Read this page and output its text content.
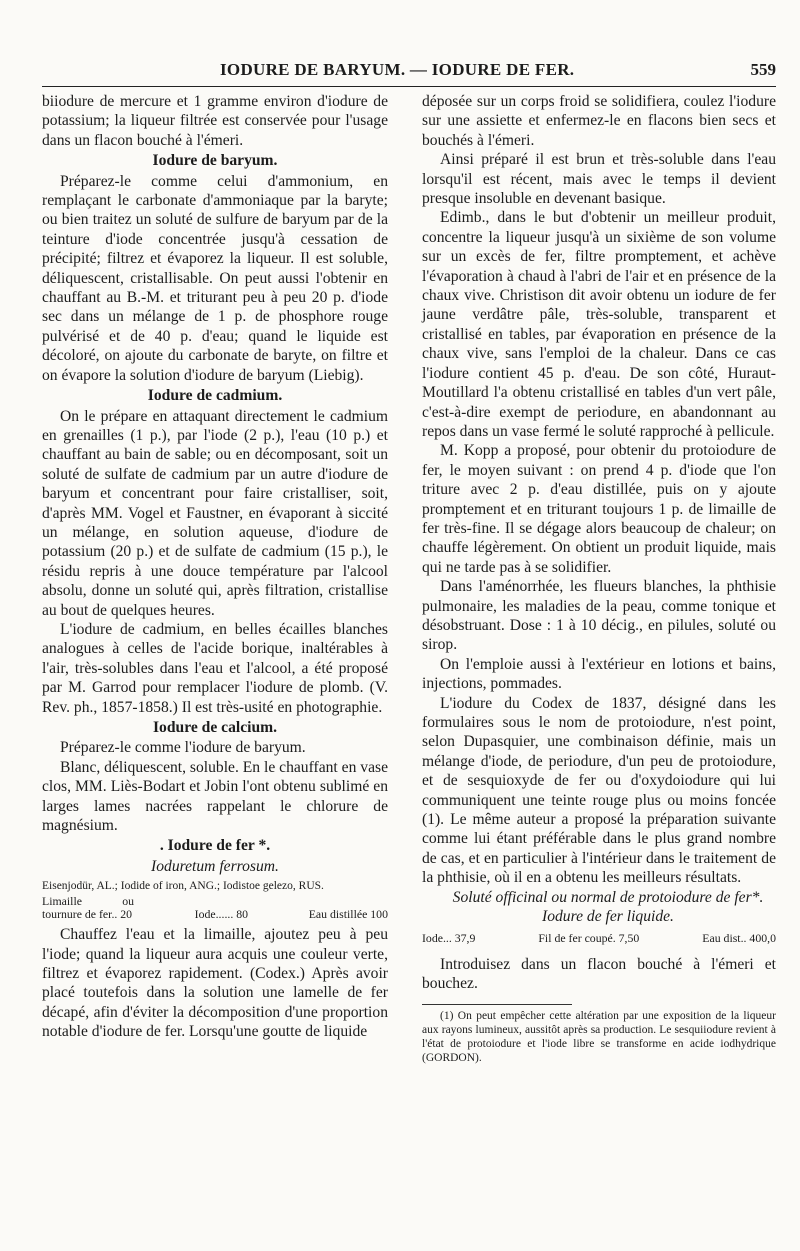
IODURE DE BARYUM. — IODURE DE FER.	559

biiodure de mercure et 1 gramme environ d'iodure de potassium; la liqueur filtrée est conservée pour l'usage dans un flacon bouché à l'émeri.

Iodure de baryum.

Préparez-le comme celui d'ammonium, en remplaçant le carbonate d'ammoniaque par la baryte; ou bien traitez un soluté de sulfure de baryum par de la teinture d'iode concentrée jusqu'à cessation de précipité; filtrez et évaporez la liqueur. Il est soluble, déliquescent, cristallisable. On peut aussi l'obtenir en chauffant au B.-M. et triturant peu à peu 20 p. d'iode sec dans un mélange de 1 p. de phosphore rouge pulvérisé et de 40 p. d'eau; quand le liquide est décoloré, on ajoute du carbonate de baryte, on filtre et on évapore la solution d'iodure de baryum (Liebig).

Iodure de cadmium.

On le prépare en attaquant directement le cadmium en grenailles (1 p.), par l'iode (2 p.), l'eau (10 p.) et chauffant au bain de sable; ou en décomposant, soit un soluté de sulfate de cadmium par un autre d'iodure de baryum et concentrant pour faire cristalliser, soit, d'après MM. Vogel et Faustner, en évaporant à siccité un mélange, en solution aqueuse, d'iodure de potassium (20 p.) et de sulfate de cadmium (15 p.), le résidu repris à une douce température par l'alcool absolu, donne un soluté qui, après filtration, cristallise au bout de quelques heures.

L'iodure de cadmium, en belles écailles blanches analogues à celles de l'acide borique, inaltérables à l'air, très-solubles dans l'eau et l'alcool, a été proposé par M. Garrod pour remplacer l'iodure de plomb. (V. Rev. ph., 1857-1858.) Il est très-usité en photographie.

Iodure de calcium.

Préparez-le comme l'iodure de baryum.

Blanc, déliquescent, soluble. En le chauffant en vase clos, MM. Liès-Bodart et Jobin l'ont obtenu sublimé en larges lames nacrées rappelant le chlorure de magnésium.

. Iodure de fer *.
Ioduretum ferrosum.

Eisenjodür, AL.; Iodide of iron, ANG.; Iodistoe gelezo, RUS.

Limaille ou tournure de fer.. 20	Iode...... 80	Eau distillée 100

Chauffez l'eau et la limaille, ajoutez peu à peu l'iode; quand la liqueur aura acquis une couleur verte, filtrez et évaporez rapidement. (Codex.) Après avoir placé toutefois dans la solution une lamelle de fer décapé, afin d'éviter la décomposition d'une proportion notable d'iodure de fer. Lorsqu'une goutte de liquide

déposée sur un corps froid se solidifiera, coulez l'iodure sur une assiette et enfermez-le en flacons bien secs et bouchés à l'émeri.

Ainsi préparé il est brun et très-soluble dans l'eau lorsqu'il est récent, mais avec le temps il devient presque insoluble en devenant basique.

Edimb., dans le but d'obtenir un meilleur produit, concentre la liqueur jusqu'à un sixième de son volume sur un excès de fer, filtre promptement, et achève l'évaporation à chaud à l'abri de l'air et en présence de la chaux vive. Christison dit avoir obtenu un iodure de fer jaune verdâtre pâle, très-soluble, transparent et cristallisé en tables, par évaporation en présence de la chaux vive, sans l'emploi de la chaleur. Dans ce cas l'iodure contient 45 p. d'eau. De son côté, Huraut-Moutillard l'a obtenu cristallisé en tables d'un vert pâle, c'est-à-dire exempt de periodure, en abandonnant au repos dans un vase fermé le soluté rapproché à pellicule.

M. Kopp a proposé, pour obtenir du protoiodure de fer, le moyen suivant : on prend 4 p. d'iode que l'on triture avec 2 p. d'eau distillée, puis on y ajoute promptement et en triturant toujours 1 p. de limaille de fer très-fine. Il se dégage alors beaucoup de chaleur; on chauffe légèrement. On obtient un produit liquide, mais qui ne tarde pas à se solidifier.

Dans l'aménorrhée, les flueurs blanches, la phthisie pulmonaire, les maladies de la peau, comme tonique et désobstruant. Dose : 1 à 10 décig., en pilules, soluté ou sirop.

On l'emploie aussi à l'extérieur en lotions et bains, injections, pommades.

L'iodure du Codex de 1837, désigné dans les formulaires sous le nom de protoiodure, n'est point, selon Dupasquier, une combinaison définie, mais un mélange d'iode, de periodure, d'un peu de protoiodure, et de sesquioxyde de fer ou d'oxydoiodure qui lui communiquent une teinte rouge plus ou moins foncée (1). Le même auteur a proposé la préparation suivante comme lui étant préférable dans le plus grand nombre de cas, et en particulier à l'intérieur dans le traitement de la phthisie, où il en a obtenu les meilleurs résultats.

Soluté officinal ou normal de protoiodure de fer*.

Iodure de fer liquide.

Iode... 37,9	Fil de fer coupé. 7,50	Eau dist.. 400,0

Introduisez dans un flacon bouché à l'émeri et bouchez.

(1) On peut empêcher cette altération par une exposition de la liqueur aux rayons lumineux, aussitôt après sa production. Le sesquiiodure revient à l'état de protoiodure et l'iode libre se transforme en acide iodhydrique (GORDON).
